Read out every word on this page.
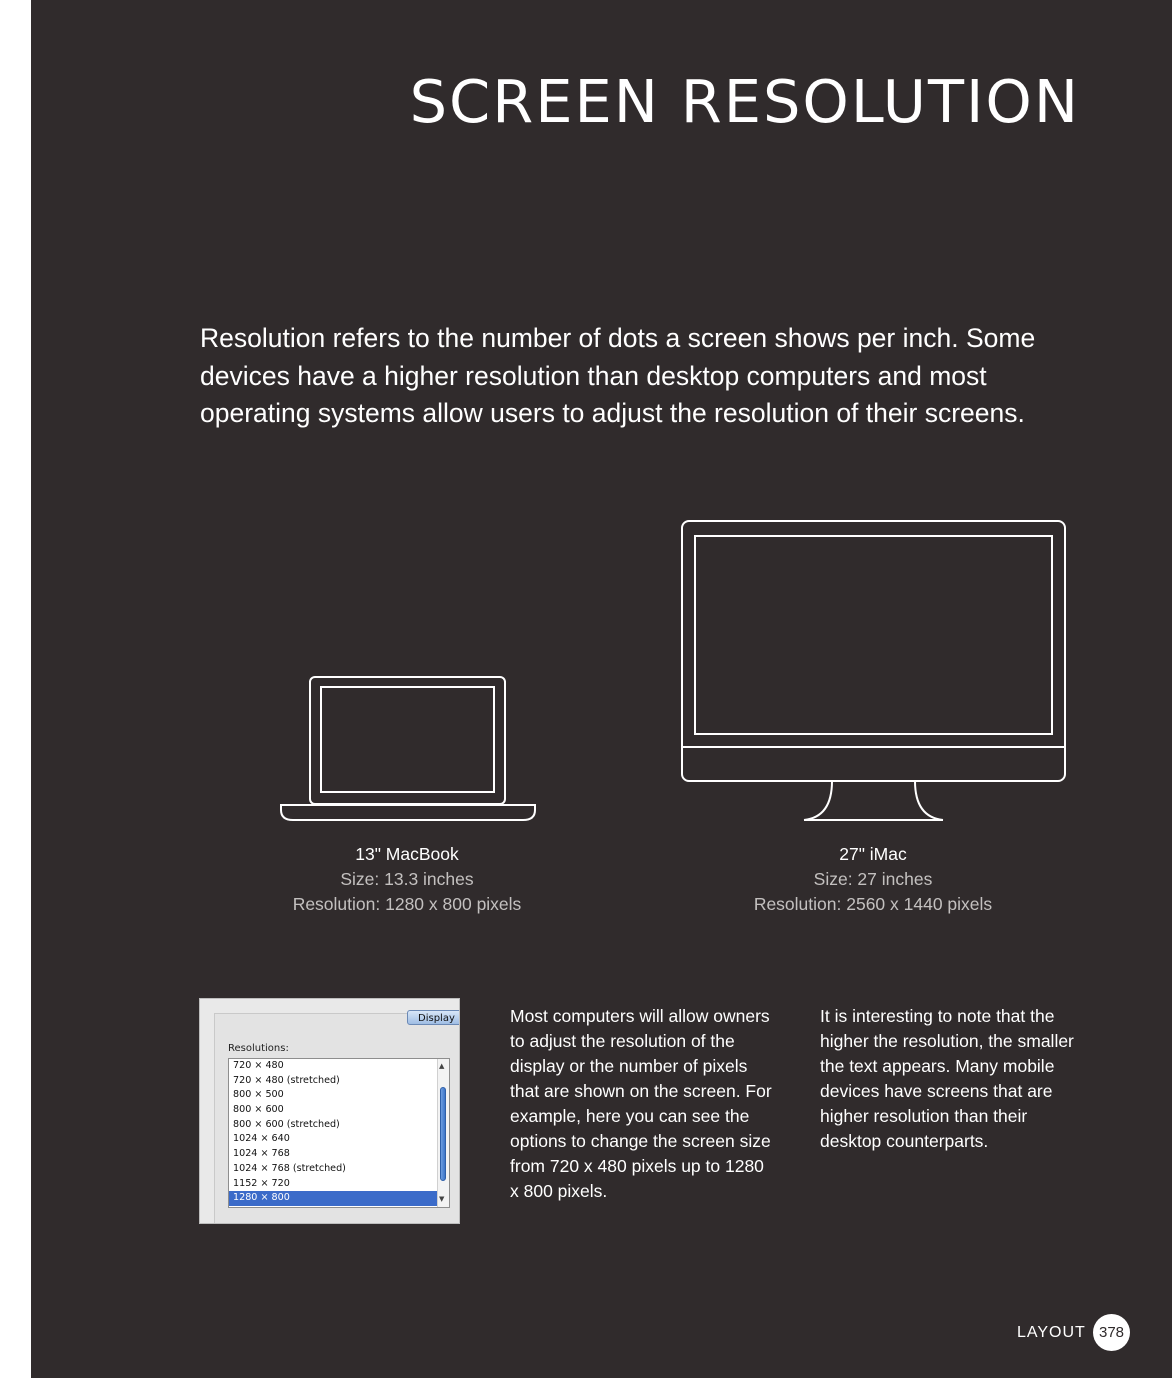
SCREEN RESOLUTION

Resolution refers to the number of dots a screen shows per inch. Some devices have a higher resolution than desktop computers and most operating systems allow users to adjust the resolution of their screens.

13" MacBook
Size: 13.3 inches
Resolution: 1280 x 800 pixels
27" iMac
Size: 27 inches
Resolution: 2560 x 1440 pixels
Display
Resolutions:
720 × 480
720 × 480 (stretched)
800 × 500
800 × 600
800 × 600 (stretched)
1024 × 640
1024 × 768
1024 × 768 (stretched)
1152 × 720
1280 × 800
▲
▼

Most computers will allow owners to adjust the resolution of the display or the number of pixels that are shown on the screen. For example, here you can see the options to change the screen size from 720 x 480 pixels up to 1280 x 800 pixels.

It is interesting to note that the higher the resolution, the smaller the text appears. Many mobile devices have screens that are higher resolution than their desktop counterparts.

LAYOUT 378
